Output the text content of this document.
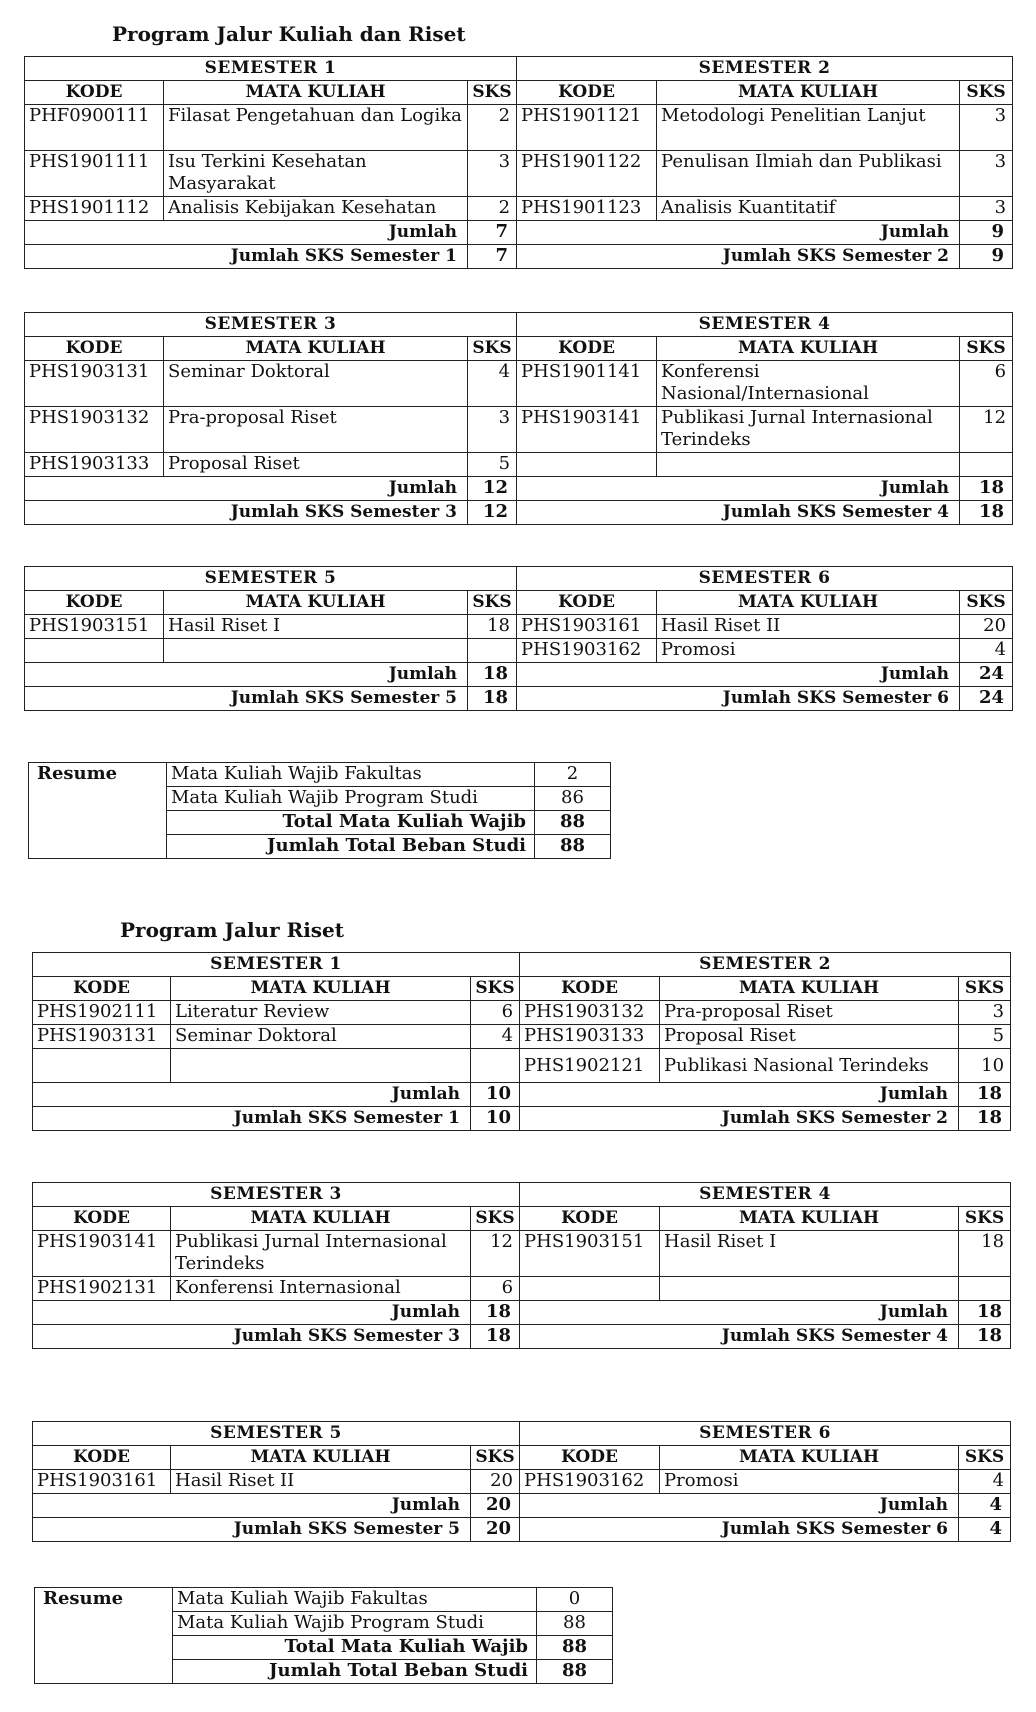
Program Jalur Kuliah dan Riset
SEMESTER 1			SEMESTER 2		
KODE	MATA KULIAH	SKS	KODE	MATA KULIAH	SKS
PHF0900111	Filasat Pengetahuan dan Logika	2	PHS1901121	Metodologi Penelitian Lanjut	3
PHS1901111	Isu Terkini Kesehatan Masyarakat	3	PHS1901122	Penulisan Ilmiah dan Publikasi	3
PHS1901112	Analisis Kebijakan Kesehatan	2	PHS1901123	Analisis Kuantitatif	3
Jumlah		7	Jumlah		9
Jumlah SKS Semester 1		7	Jumlah SKS Semester 2		9
SEMESTER 3			SEMESTER 4		
KODE	MATA KULIAH	SKS	KODE	MATA KULIAH	SKS
PHS1903131	Seminar Doktoral	4	PHS1901141	Konferensi Nasional/Internasional	6
PHS1903132	Pra-proposal Riset	3	PHS1903141	Publikasi Jurnal Internasional Terindeks	12
PHS1903133	Proposal Riset	5			
Jumlah		12	Jumlah		18
Jumlah SKS Semester 3		12	Jumlah SKS Semester 4		18
SEMESTER 5			SEMESTER 6		
KODE	MATA KULIAH	SKS	KODE	MATA KULIAH	SKS
PHS1903151	Hasil Riset I	18	PHS1903161	Hasil Riset II	20
			PHS1903162	Promosi	4
Jumlah		18	Jumlah		24
Jumlah SKS Semester 5		18	Jumlah SKS Semester 6		24
Resume	Mata Kuliah Wajib Fakultas	2
	Mata Kuliah Wajib Program Studi	86
	Total Mata Kuliah Wajib	88
	Jumlah Total Beban Studi	88
Program Jalur Riset
SEMESTER 1			SEMESTER 2		
KODE	MATA KULIAH	SKS	KODE	MATA KULIAH	SKS
PHS1902111	Literatur Review	6	PHS1903132	Pra-proposal Riset	3
PHS1903131	Seminar Doktoral	4	PHS1903133	Proposal Riset	5
			PHS1902121	Publikasi Nasional Terindeks	10
Jumlah		10	Jumlah		18
Jumlah SKS Semester 1		10	Jumlah SKS Semester 2		18
SEMESTER 3			SEMESTER 4		
KODE	MATA KULIAH	SKS	KODE	MATA KULIAH	SKS
PHS1903141	Publikasi Jurnal Internasional Terindeks	12	PHS1903151	Hasil Riset I	18
PHS1902131	Konferensi Internasional	6			
Jumlah		18	Jumlah		18
Jumlah SKS Semester 3		18	Jumlah SKS Semester 4		18
SEMESTER 5			SEMESTER 6		
KODE	MATA KULIAH	SKS	KODE	MATA KULIAH	SKS
PHS1903161	Hasil Riset II	20	PHS1903162	Promosi	4
Jumlah		20	Jumlah		4
Jumlah SKS Semester 5		20	Jumlah SKS Semester 6		4
Resume	Mata Kuliah Wajib Fakultas	0
	Mata Kuliah Wajib Program Studi	88
	Total Mata Kuliah Wajib	88
	Jumlah Total Beban Studi	88
